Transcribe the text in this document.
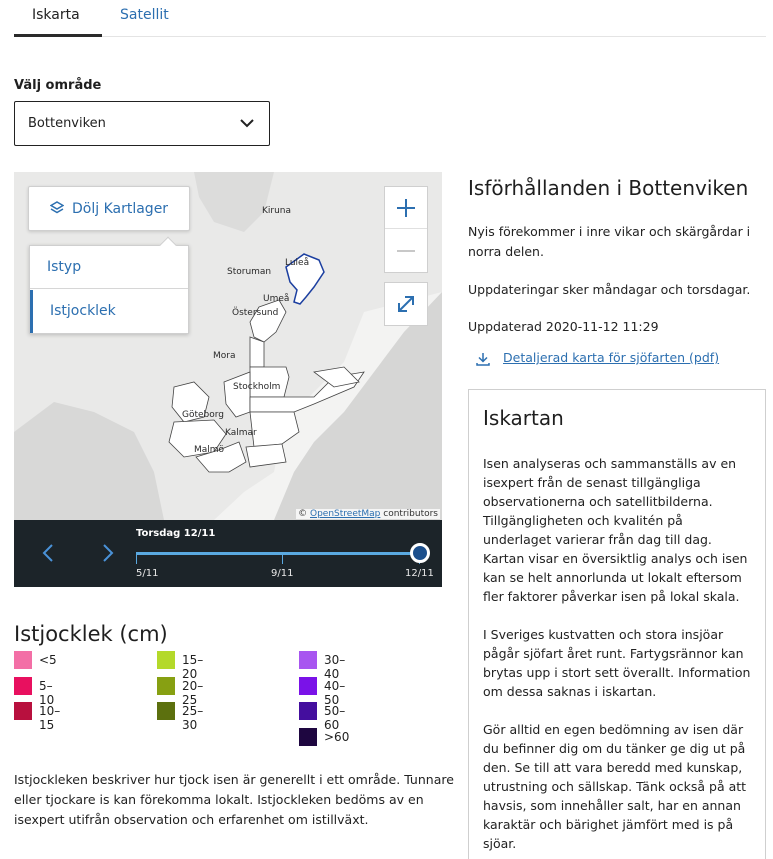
Iskarta	Satellit
Välj område
Bottenviken
Kiruna
Luleå
Storuman
Umeå
Östersund
Mora
Stockholm
Göteborg
Kalmar
Malmö
Dölj Kartlager
Istyp
Istjocklek
© OpenStreetMap contributors
Torsdag 12/11
5/11	9/11	12/11
Istjocklek (cm)
<5
5–10
10–15
15–20
20–25
25–30
30–40
40–50
50–60
>60
Istjockleken beskriver hur tjock isen är generellt i ett område. Tunnare eller tjockare is kan förekomma lokalt. Istjockleken bedöms av en isexpert utifrån observation och erfarenhet om istillväxt.
Isförhållanden i Bottenviken
Nyis förekommer i inre vikar och skärgårdar i norra delen.
Uppdateringar sker måndagar och torsdagar.
Uppdaterad 2020-11-12 11:29
Detaljerad karta för sjöfarten (pdf)
Iskartan
Isen analyseras och sammanställs av en isexpert från de senast tillgängliga observationerna och satellitbilderna. Tillgängligheten och kvalitén på underlaget varierar från dag till dag. Kartan visar en översiktlig analys och isen kan se helt annorlunda ut lokalt eftersom fler faktorer påverkar isen på lokal skala.
I Sveriges kustvatten och stora insjöar pågår sjöfart året runt. Fartygsrännor kan brytas upp i stort sett överallt. Information om dessa saknas i iskartan.
Gör alltid en egen bedömning av isen där du befinner dig om du tänker ge dig ut på den. Se till att vara beredd med kunskap, utrustning och sällskap. Tänk också på att havsis, som innehåller salt, har en annan karaktär och bärighet jämfört med is på sjöar.
